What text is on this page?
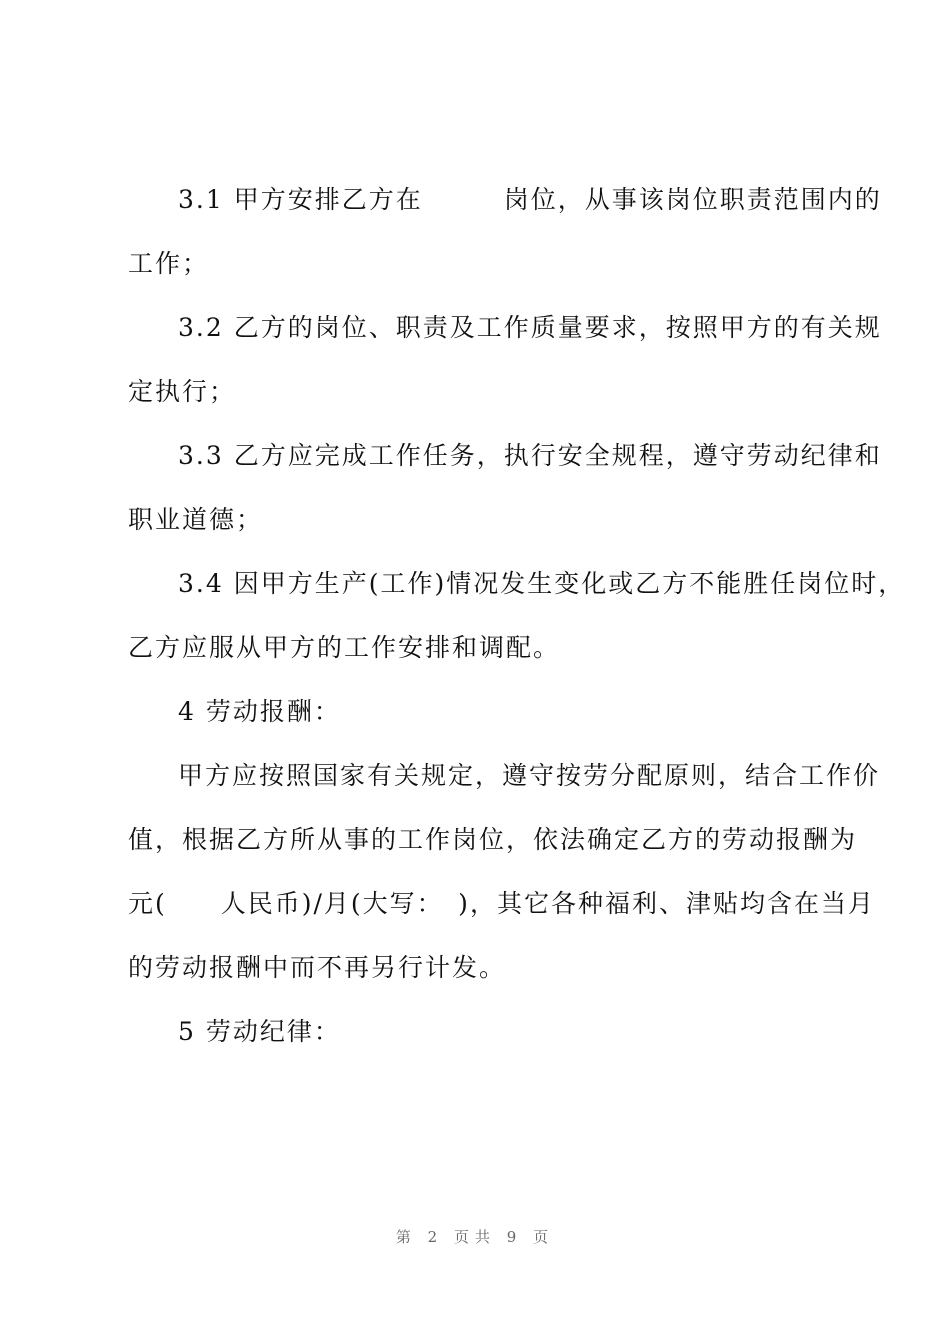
3.1 甲方安排乙方在　　　岗位，从事该岗位职责范围内的
工作；
3.2 乙方的岗位、职责及工作质量要求，按照甲方的有关规
定执行；
3.3 乙方应完成工作任务，执行安全规程，遵守劳动纪律和
职业道德；
3.4 因甲方生产(工作)情况发生变化或乙方不能胜任岗位时，
乙方应服从甲方的工作安排和调配。
4 劳动报酬：
甲方应按照国家有关规定，遵守按劳分配原则，结合工作价
值，根据乙方所从事的工作岗位，依法确定乙方的劳动报酬为
元(　　人民币)/月(大写：　)，其它各种福利、津贴均含在当月
的劳动报酬中而不再另行计发。
5 劳动纪律：
第 2 页共 9 页
